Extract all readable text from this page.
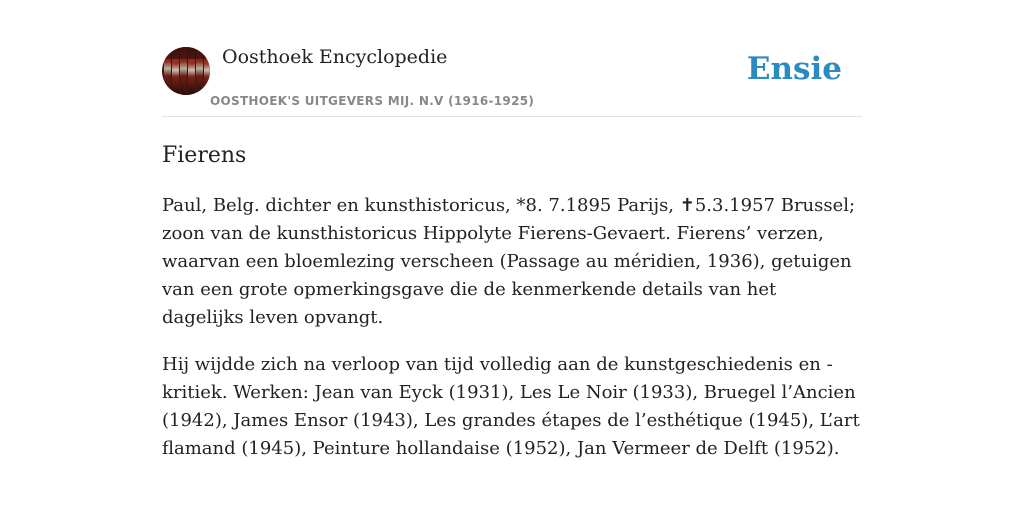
Oosthoek Encyclopedie
OOSTHOEK'S UITGEVERS MIJ. N.V (1916-1925)
Ensie
Fierens

Paul, Belg. dichter en kunsthistoricus, *8. 7.1895 Parijs, ✝5.3.1957 Brussel; zoon van de kunsthistoricus Hippolyte Fierens-Gevaert. Fierens’ verzen, waarvan een bloemlezing verscheen (Passage au méridien, 1936), getuigen van een grote opmerkingsgave die de kenmerkende details van het dagelijks leven opvangt.

Hij wijdde zich na verloop van tijd volledig aan de kunstgeschiedenis en -kritiek. Werken: Jean van Eyck (1931), Les Le Noir (1933), Bruegel l’Ancien (1942), James Ensor (1943), Les grandes étapes de l’esthétique (1945), L’art flamand (1945), Peinture hollandaise (1952), Jan Vermeer de Delft (1952).
